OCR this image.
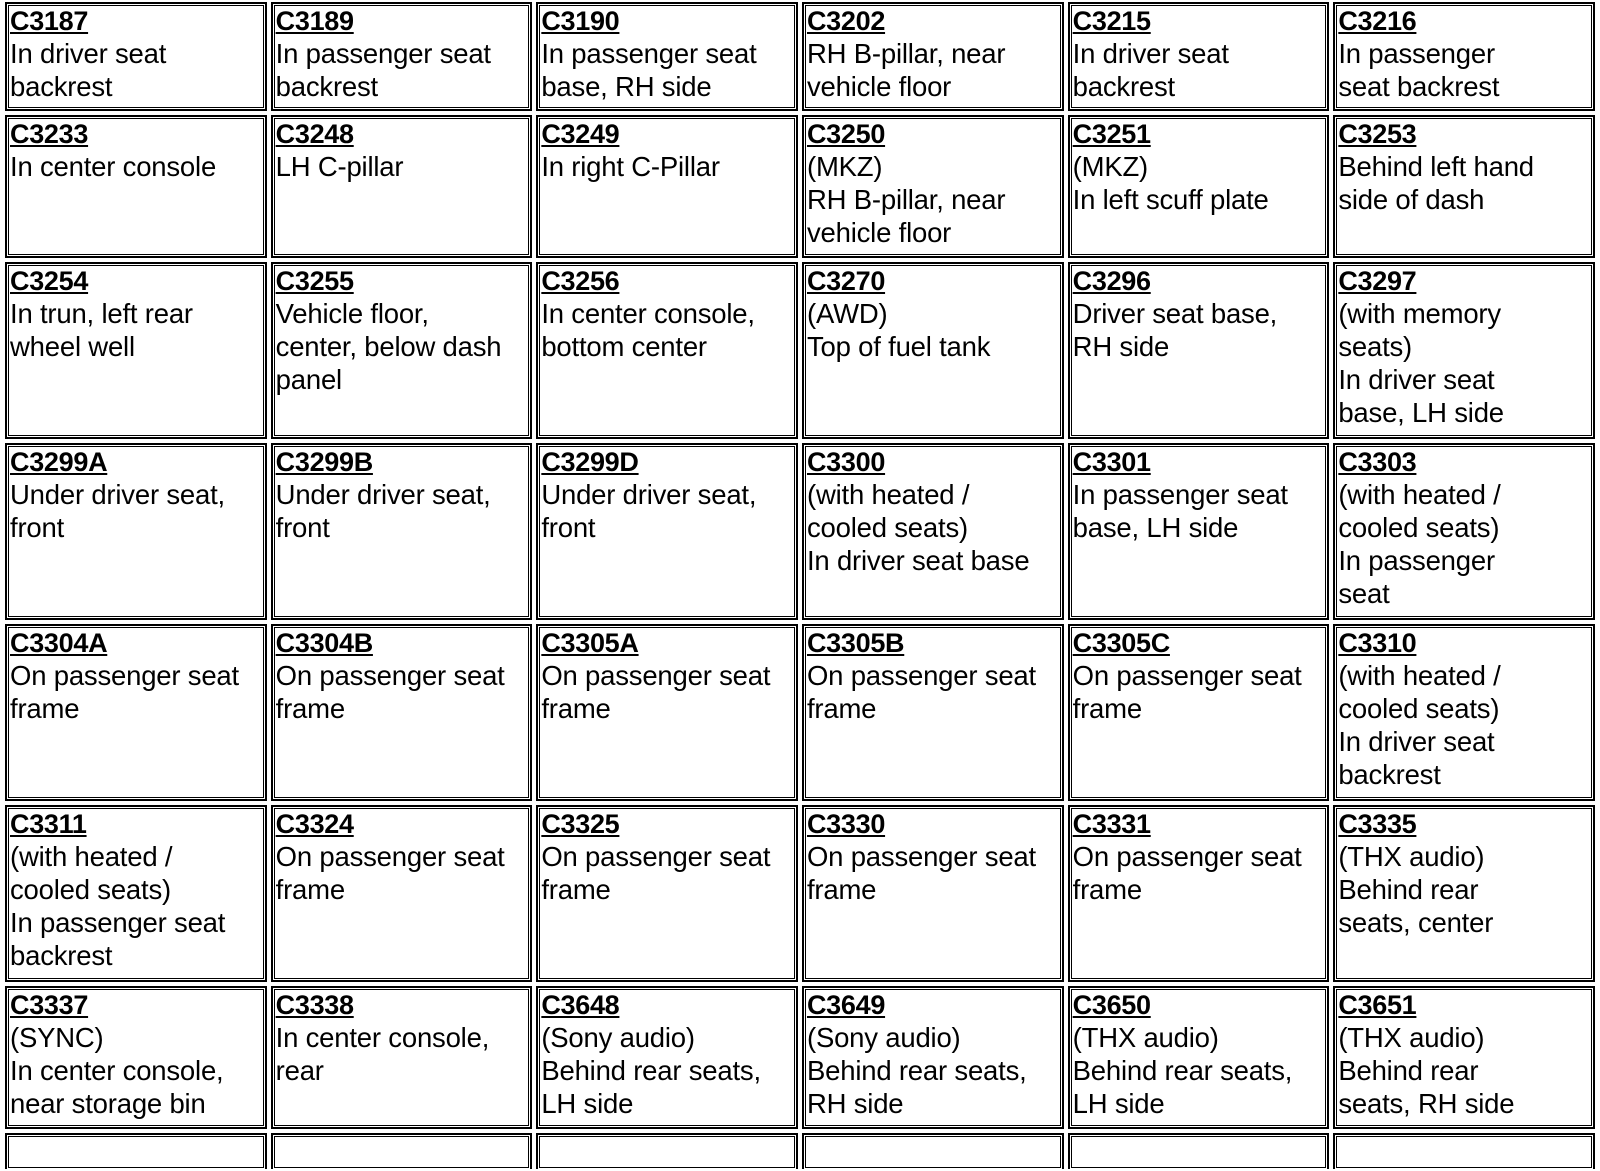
C3187
In driver seat
backrest
C3189
In passenger seat
backrest
C3190
In passenger seat
base, RH side
C3202
RH B-pillar, near
vehicle floor
C3215
In driver seat
backrest
C3216
In passenger
seat backrest
C3233
In center console
C3248
LH C-pillar
C3249
In right C-Pillar
C3250
(MKZ)
RH B-pillar, near
vehicle floor
C3251
(MKZ)
In left scuff plate
C3253
Behind left hand
side of dash
C3254
In trun, left rear
wheel well
C3255
Vehicle floor,
center, below dash
panel
C3256
In center console,
bottom center
C3270
(AWD)
Top of fuel tank
C3296
Driver seat base,
RH side
C3297
(with memory
seats)
In driver seat
base, LH side
C3299A
Under driver seat,
front
C3299B
Under driver seat,
front
C3299D
Under driver seat,
front
C3300
(with heated /
cooled seats)
In driver seat base
C3301
In passenger seat
base, LH side
C3303
(with heated /
cooled seats)
In passenger
seat
C3304A
On passenger seat
frame
C3304B
On passenger seat
frame
C3305A
On passenger seat
frame
C3305B
On passenger seat
frame
C3305C
On passenger seat
frame
C3310
(with heated /
cooled seats)
In driver seat
backrest
C3311
(with heated /
cooled seats)
In passenger seat
backrest
C3324
On passenger seat
frame
C3325
On passenger seat
frame
C3330
On passenger seat
frame
C3331
On passenger seat
frame
C3335
(THX audio)
Behind rear
seats, center
C3337
(SYNC)
In center console,
near storage bin
C3338
In center console,
rear
C3648
(Sony audio)
Behind rear seats,
LH side
C3649
(Sony audio)
Behind rear seats,
RH side
C3650
(THX audio)
Behind rear seats,
LH side
C3651
(THX audio)
Behind rear
seats, RH side
